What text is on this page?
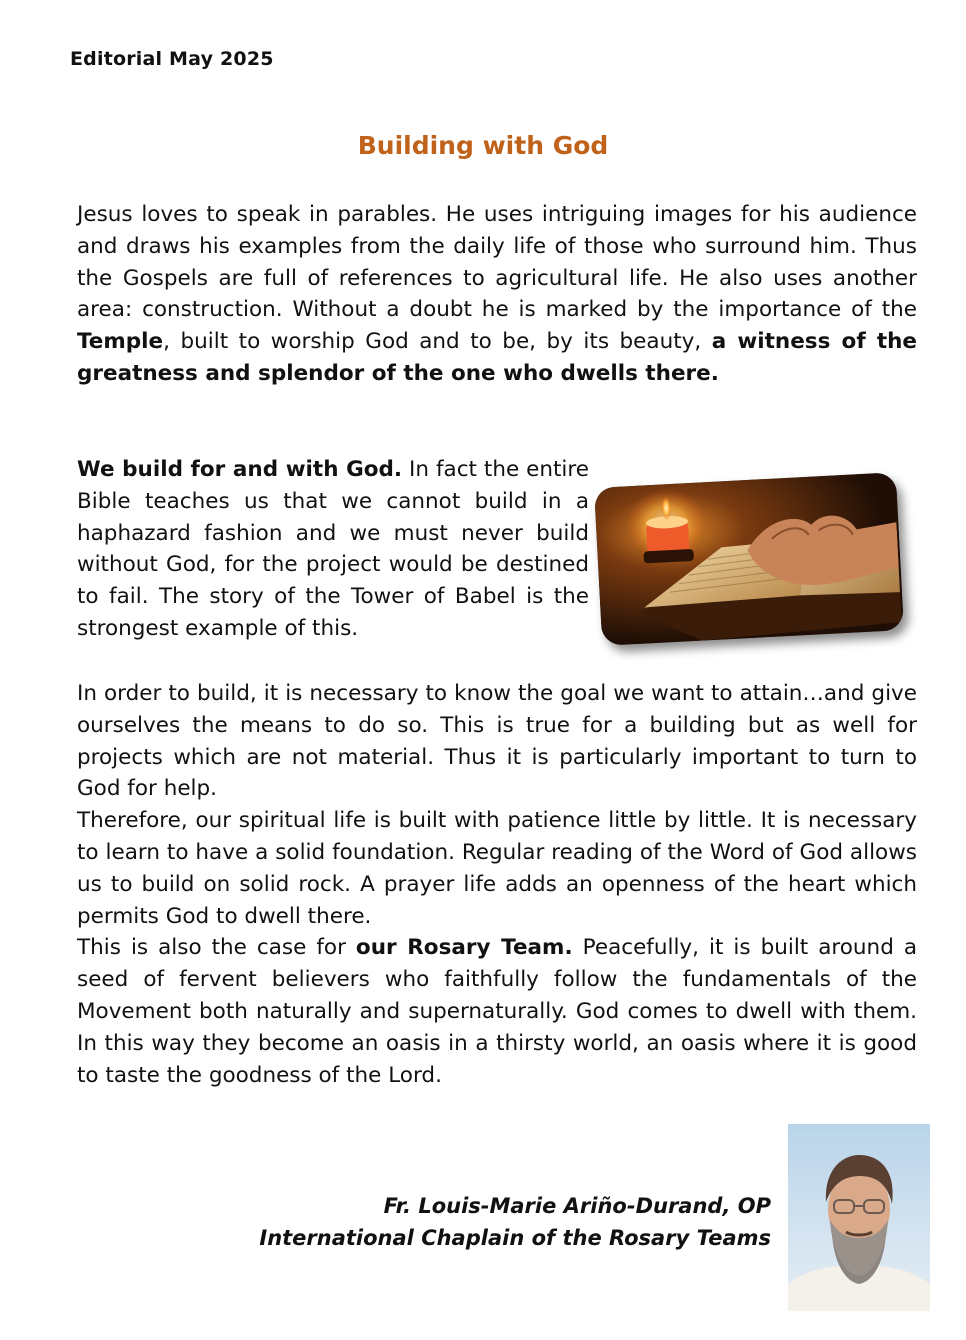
Editorial May 2025
Building with God

Jesus loves to speak in parables. He uses intriguing images for his audience and draws his examples from the daily life of those who surround him. Thus the Gospels are full of references to agricultural life. He also uses another area: construction. Without a doubt he is marked by the importance of the Temple, built to worship God and to be, by its beauty, a witness of the greatness and splendor of the one who dwells there.

We build for and with God. In fact the entire Bible teaches us that we cannot build in a haphazard fashion and we must never build without God, for the project would be destined to fail. The story of the Tower of Babel is the strongest example of this.

In order to build, it is necessary to know the goal we want to attain…and give ourselves the means to do so. This is true for a building but as well for projects which are not material. Thus it is particularly important to turn to God for help.

Therefore, our spiritual life is built with patience little by little. It is necessary to learn to have a solid foundation. Regular reading of the Word of God allows us to build on solid rock. A prayer life adds an openness of the heart which permits God to dwell there.

This is also the case for our Rosary Team. Peacefully, it is built around a seed of fervent believers who faithfully follow the fundamentals of the Movement both naturally and supernaturally. God comes to dwell with them. In this way they become an oasis in a thirsty world, an oasis where it is good to taste the goodness of the Lord.

Fr. Louis-Marie Ariño-Durand, OP
International Chaplain of the Rosary Teams
